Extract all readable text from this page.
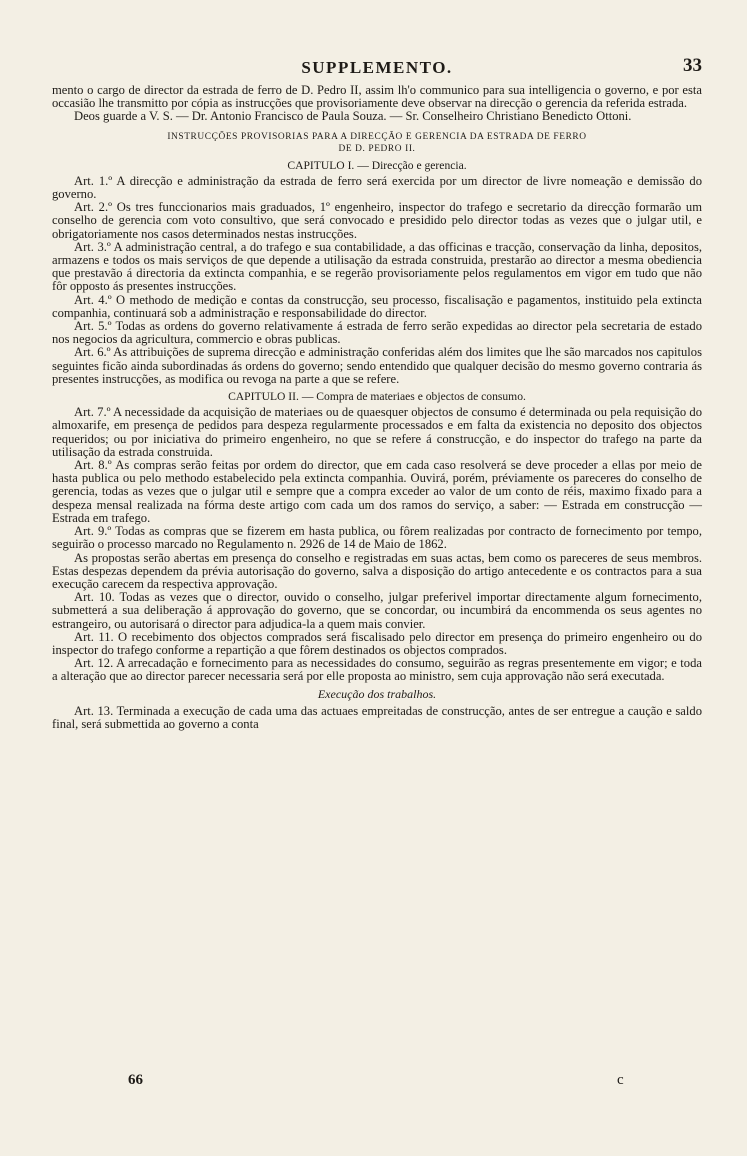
SUPPLEMENTO.	33

mento o cargo de director da estrada de ferro de D. Pedro II, assim lh'o communico para sua intelligencia o governo, e por esta occasião lhe transmitto por cópia as instrucções que provisoriamente deve observar na direcção o gerencia da referida estrada.

Deos guarde a V. S. — Dr. Antonio Francisco de Paula Souza. — Sr. Conselheiro Christiano Benedicto Ottoni.

INSTRUCÇÕES PROVISORIAS PARA A DIRECÇÃO E GERENCIA DA ESTRADA DE FERRO
DE D. PEDRO II.
CAPITULO I. — Direcção e gerencia.

Art. 1.º A direcção e administração da estrada de ferro será exercida por um director de livre nomeação e demissão do governo.

Art. 2.º Os tres funccionarios mais graduados, 1º engenheiro, inspector do trafego e secretario da direcção formarão um conselho de gerencia com voto consultivo, que será convocado e presidido pelo director todas as vezes que o julgar util, e obrigatoriamente nos casos determinados nestas instrucções.

Art. 3.º A administração central, a do trafego e sua contabilidade, a das officinas e tracção, conservação da linha, depositos, armazens e todos os mais serviços de que depende a utilisação da estrada construida, prestarão ao director a mesma obediencia que prestavão á directoria da extincta companhia, e se regerão provisoriamente pelos regulamentos em vigor em tudo que não fôr opposto ás presentes instrucções.

Art. 4.º O methodo de medição e contas da construcção, seu processo, fiscalisação e pagamentos, instituido pela extincta companhia, continuará sob a administração e responsabilidade do director.

Art. 5.º Todas as ordens do governo relativamente á estrada de ferro serão expedidas ao director pela secretaria de estado nos negocios da agricultura, commercio e obras publicas.

Art. 6.º As attribuições de suprema direcção e administração conferidas além dos limites que lhe são marcados nos capitulos seguintes ficão ainda subordinadas ás ordens do governo; sendo entendido que qualquer decisão do mesmo governo contraria ás presentes instrucções, as modifica ou revoga na parte a que se refere.

CAPITULO II. — Compra de materiaes e objectos de consumo.

Art. 7.º A necessidade da acquisição de materiaes ou de quaesquer objectos de consumo é determinada ou pela requisição do almoxarife, em presença de pedidos para despeza regularmente processados e em falta da existencia no deposito dos objectos requeridos; ou por iniciativa do primeiro engenheiro, no que se refere á construcção, e do inspector do trafego na parte da utilisação da estrada construida.

Art. 8.º As compras serão feitas por ordem do director, que em cada caso resolverá se deve proceder a ellas por meio de hasta publica ou pelo methodo estabelecido pela extincta companhia. Ouvirá, porém, préviamente os pareceres do conselho de gerencia, todas as vezes que o julgar util e sempre que a compra exceder ao valor de um conto de réis, maximo fixado para a despeza mensal realizada na fórma deste artigo com cada um dos ramos do serviço, a saber: — Estrada em construcção — Estrada em trafego.

Art. 9.º Todas as compras que se fizerem em hasta publica, ou fôrem realizadas por contracto de fornecimento por tempo, seguirão o processo marcado no Regulamento n. 2926 de 14 de Maio de 1862.

As propostas serão abertas em presença do conselho e registradas em suas actas, bem como os pareceres de seus membros. Estas despezas dependem da prévia autorisação do governo, salva a disposição do artigo antecedente e os contractos para a sua execução carecem da respectiva approvação.

Art. 10. Todas as vezes que o director, ouvido o conselho, julgar preferivel importar directamente algum fornecimento, submetterá a sua deliberação á approvação do governo, que se concordar, ou incumbirá da encommenda os seus agentes no estrangeiro, ou autorisará o director para adjudica-la a quem mais convier.

Art. 11. O recebimento dos objectos comprados será fiscalisado pelo director em presença do primeiro engenheiro ou do inspector do trafego conforme a repartição a que fôrem destinados os objectos comprados.

Art. 12. A arrecadação e fornecimento para as necessidades do consumo, seguirão as regras presentemente em vigor; e toda a alteração que ao director parecer necessaria será por elle proposta ao ministro, sem cuja approvação não será executada.

Execução dos trabalhos.

Art. 13. Terminada a execução de cada uma das actuaes empreitadas de construcção, antes de ser entregue a caução e saldo final, será submettida ao governo a conta

66	c
